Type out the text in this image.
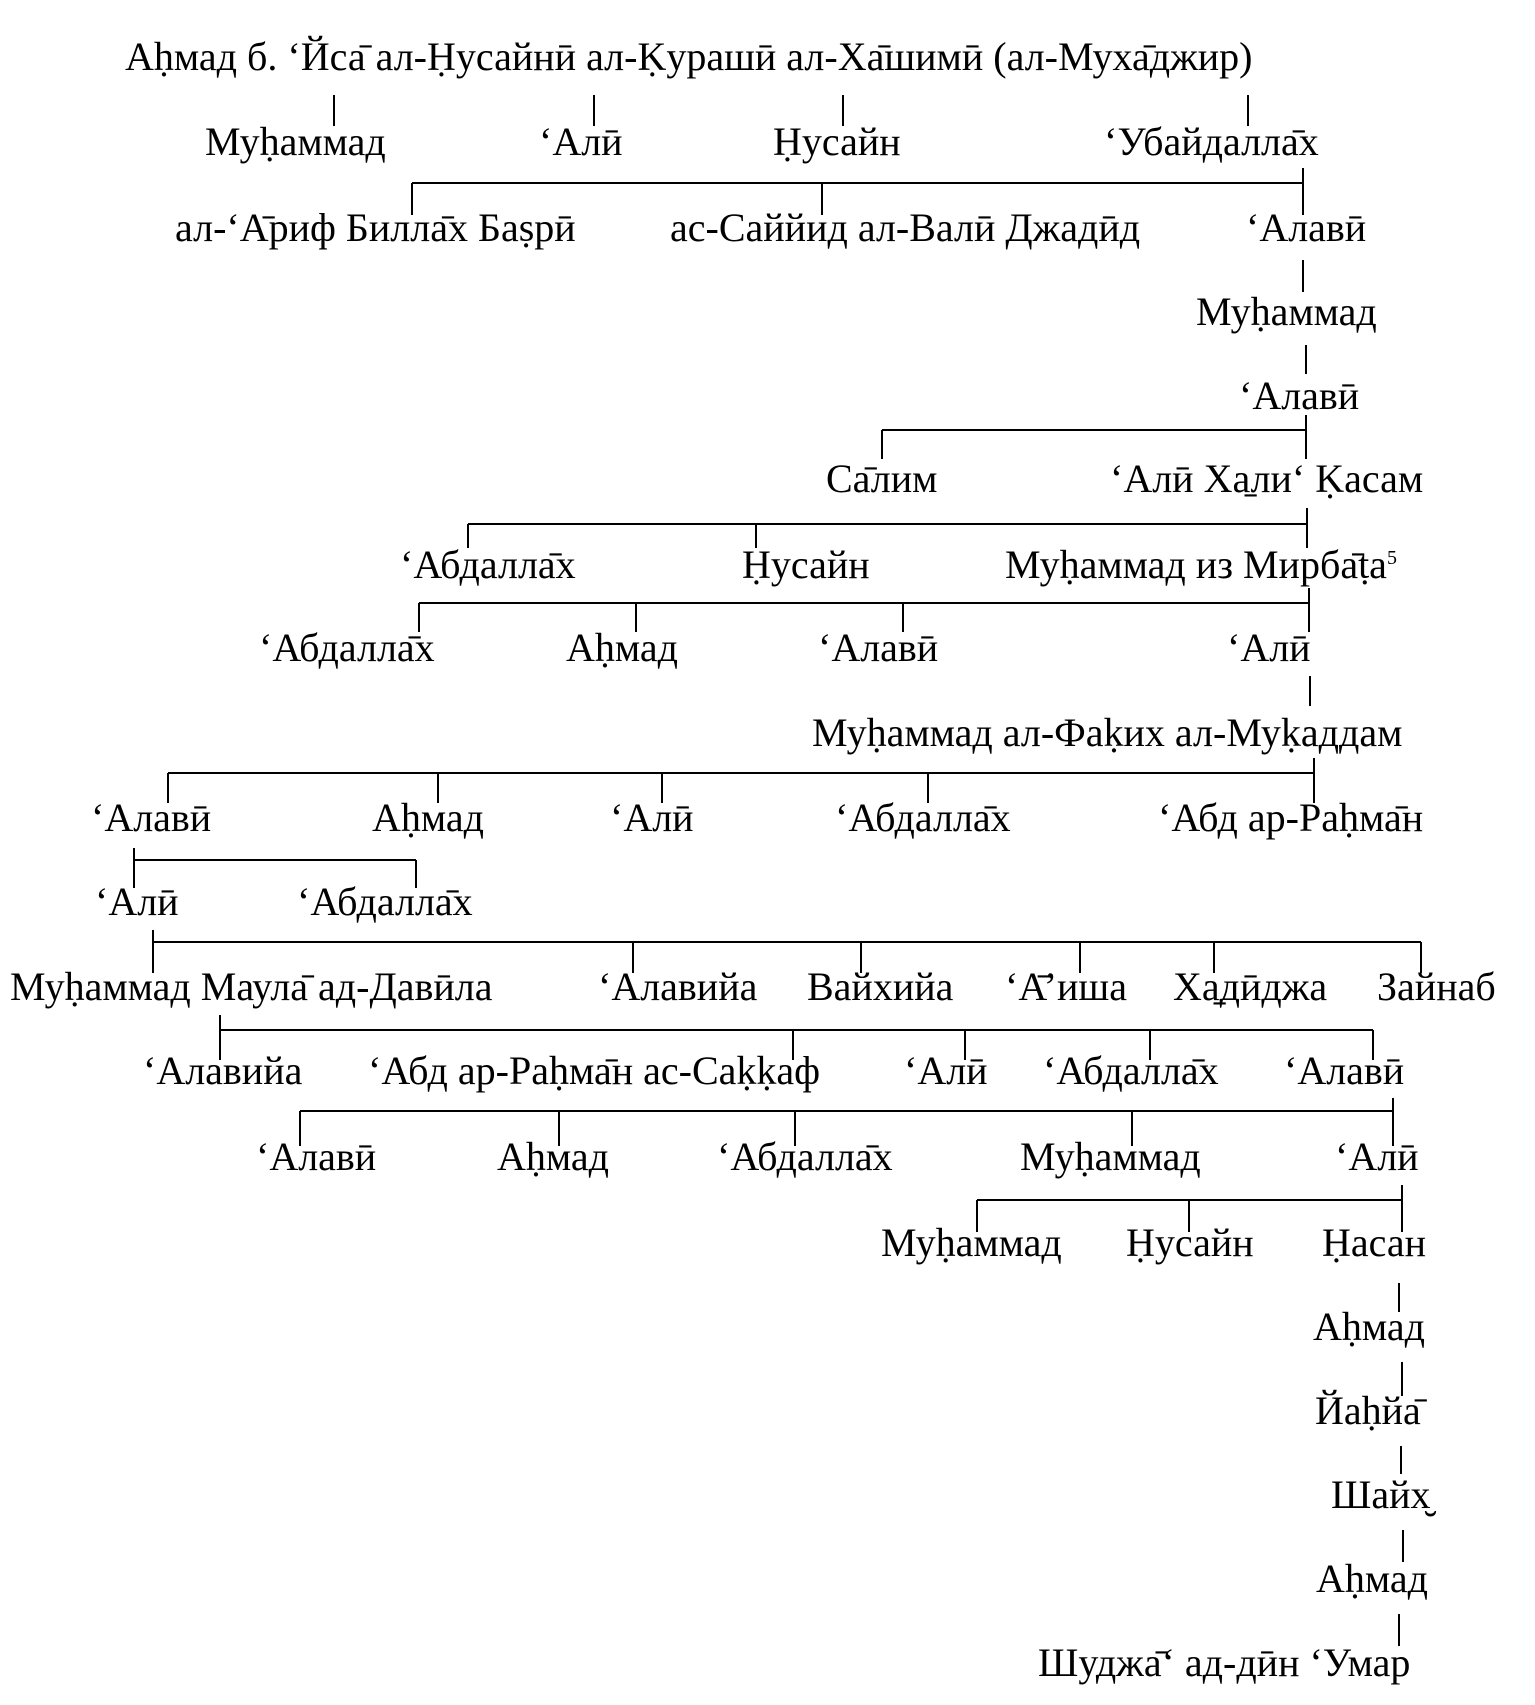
Аḥмад б. ‘Йса̄ ал-Ḥусайнӣ ал-Ḳурашӣ ал-Ха̄шимӣ (ал-Муха̄джир)
Муḥаммад	‘Алӣ	Ḥусайн	‘Убайдалла̄х
ал-‘А̄риф Билла̄х Баṣрӣ ас-Саййид ал-Валӣ Джадӣд	‘Алавӣ
Муḥаммад
‘Алавӣ
Са̄лим	‘Алӣ Ха̱ли‘ Ḳасам
Муḥаммад из Мирба̄ṭа$^5$
‘Абдалла̄х	Ḥусайн
‘Абдалла̄х	Аḥмад	‘Алавӣ	‘Алӣ
Муḥаммад ал-Фаḳих ал-Муḳаддам
‘Алавӣ	Аḥмад	‘Алӣ	‘Абдалла̄х	‘Абд ар-Раḥма̄н
‘Алӣ	‘Абдалла̄х
Муḥаммад Маула̄ ад-Давӣла	‘Алавийа Вайхийа ‘А̄’иша Ха̱дӣджа Зайнаб
‘Алавийа ‘Абд ар-Раḥма̄н ас-Саḳḳаф ‘Алӣ ‘Абдалла̄х ‘Алавӣ
‘Алавӣ	Аḥмад	‘Абдалла̄х	Муḥаммад	‘Алӣ
Муḥаммад Ḥусайн Ḥасан
Аḥмад
Йаḥйа̄
Шайх̮
Аḥмад
Шуджа̄‘ ад-дӣн ‘Умар
